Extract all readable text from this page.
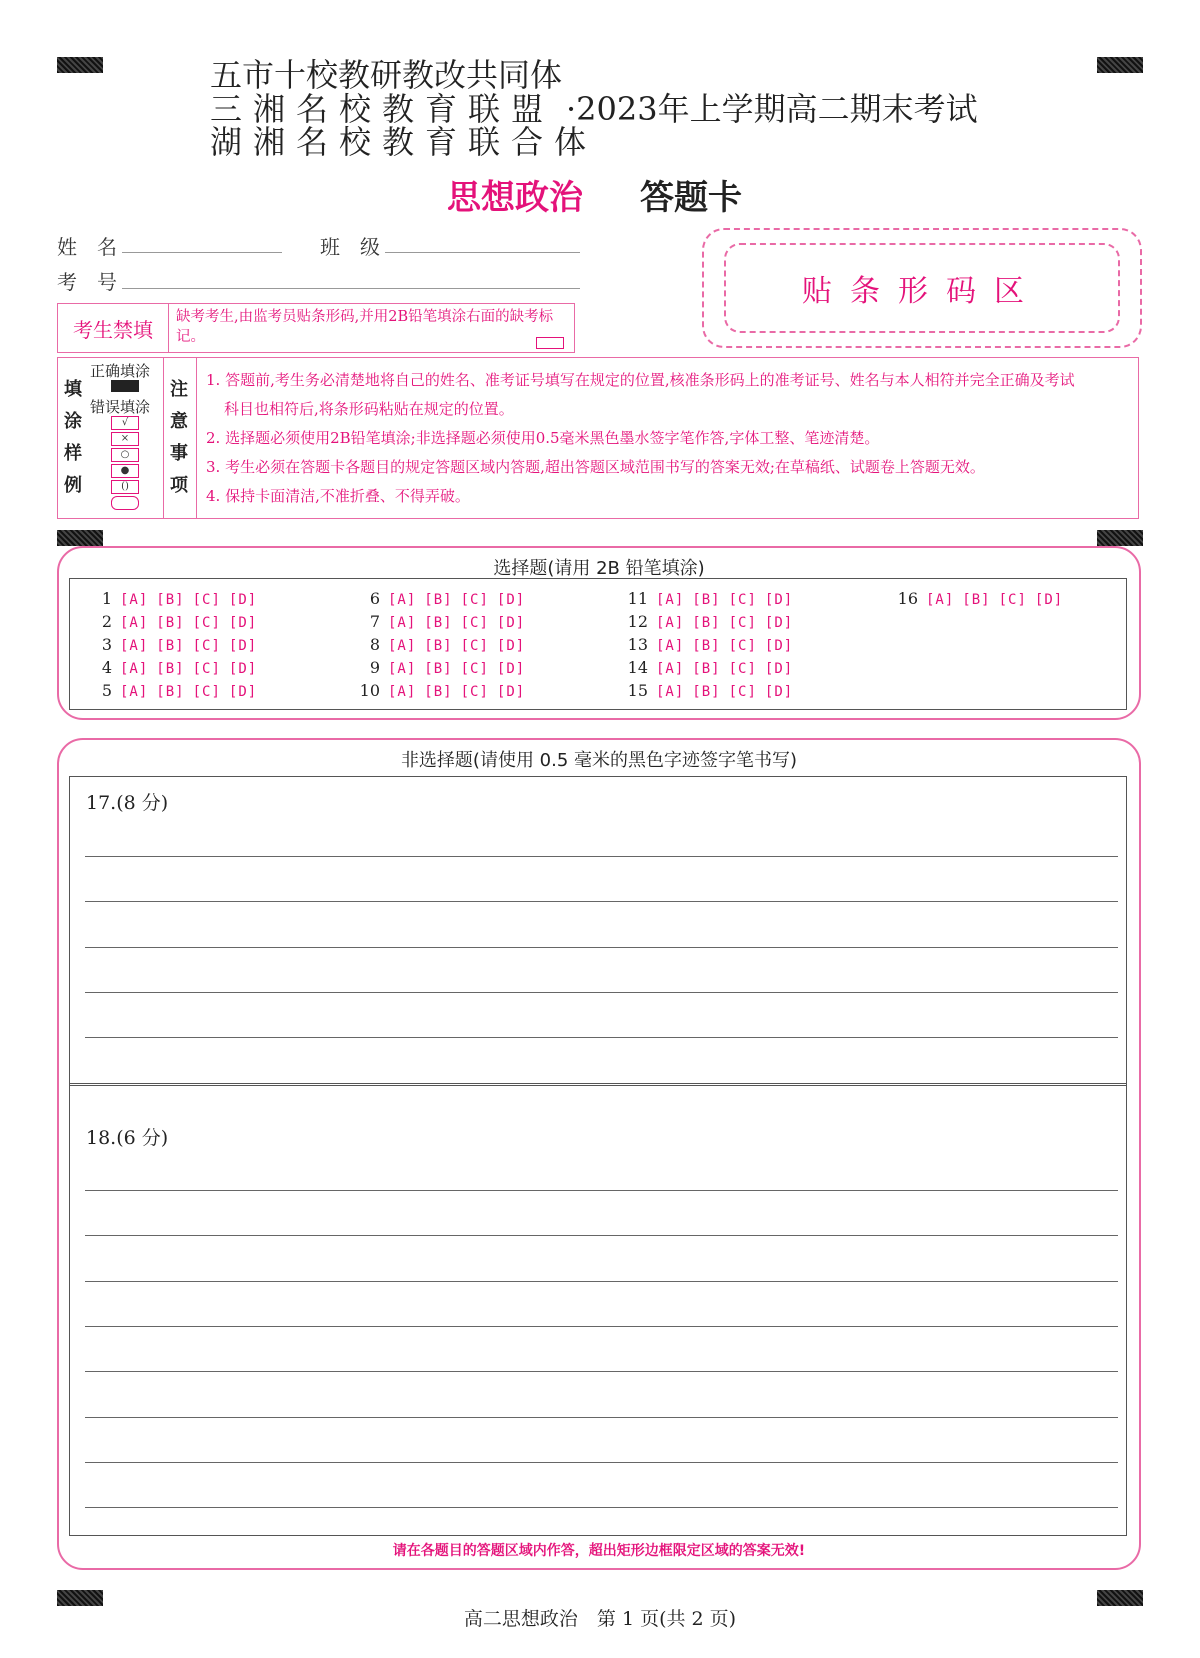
五市十校教研教改共同体
三湘名校教育联盟 ·2023年上学期高二期末考试
湖湘名校教育联合体
思想政治 答题卡
姓　名	班　级
考　号	贴条形码区
考生禁填
缺考考生,由监考员贴条形码,并用2B铅笔填涂右面的缺考标记。
填
涂
样
例
正确填涂
错误填涂
√
×
○
●
()
注
意
事
项
1. 答题前,考生务必清楚地将自己的姓名、准考证号填写在规定的位置,核准条形码上的准考证号、姓名与本人相符并完全正确及考试
科目也相符后,将条形码粘贴在规定的位置。
2. 选择题必须使用2B铅笔填涂;非选择题必须使用0.5毫米黑色墨水签字笔作答,字体工整、笔迹清楚。
3. 考生必须在答题卡各题目的规定答题区域内答题,超出答题区域范围书写的答案无效;在草稿纸、试题卷上答题无效。
4. 保持卡面清洁,不准折叠、不得弄破。
选择题(请用 2B 铅笔填涂)
1 [A] [B] [C] [D]
2 [A] [B] [C] [D]
3 [A] [B] [C] [D]
4 [A] [B] [C] [D]
5 [A] [B] [C] [D]
6 [A] [B] [C] [D]
7 [A] [B] [C] [D]
8 [A] [B] [C] [D]
9 [A] [B] [C] [D]
10 [A] [B] [C] [D]
11 [A] [B] [C] [D]
12 [A] [B] [C] [D]
13 [A] [B] [C] [D]
14 [A] [B] [C] [D]
15 [A] [B] [C] [D]
16 [A] [B] [C] [D]
非选择题(请使用 0.5 毫米的黑色字迹签字笔书写)
请在各题目的答题区域内作答，超出矩形边框限定区域的答案无效!
17.(8 分)
18.(6 分)
高二思想政治　第 1 页(共 2 页)
